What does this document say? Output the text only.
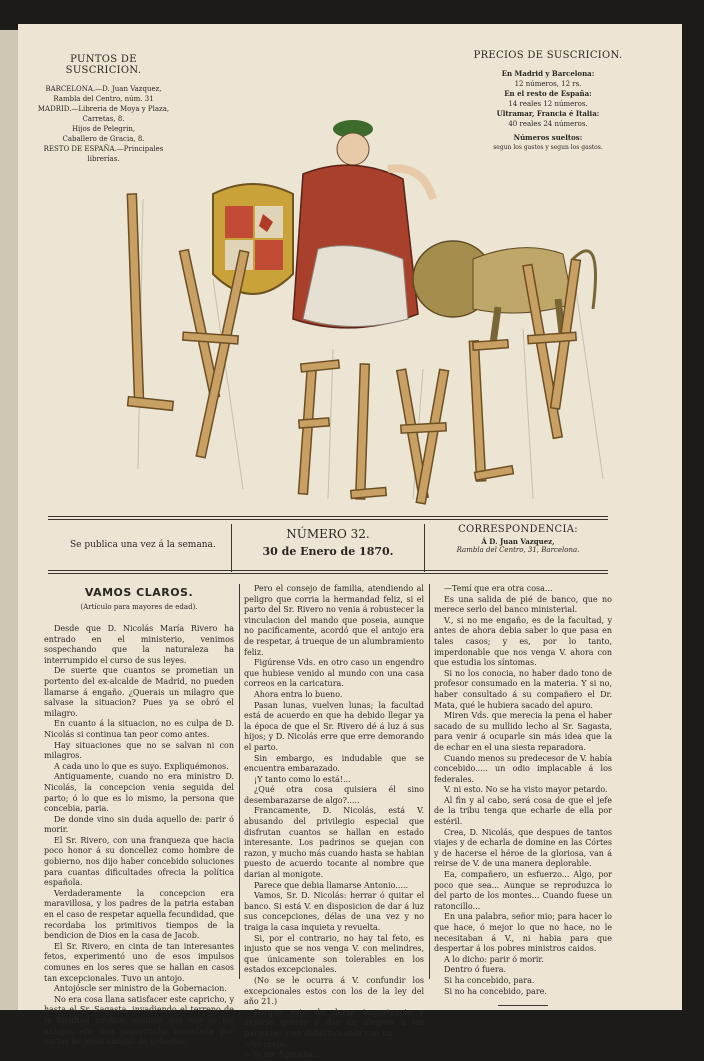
PUNTOS DE SUSCRICION.
BARCELONA.—D. Juan Vazquez,
Rambla del Centro, núm. 31
MADRID.—Libreria de Moya y Plaza,
Carretas, 8.
Hijos de Pelegrin,
Caballero de Gracia, 8.
RESTO DE ESPAÑA.—Principales
librerías.
PRECIOS DE SUSCRICION.
En Madrid y Barcelona:
12 números, 12 rs.
En el resto de España:
14 reales 12 números.
Ultramar, Francia é Italia:
40 reales 24 números.
Números sueltos:
segun los gastos y segun los gastos.
Se publica una vez á la semana.
NÚMERO 32.
30 de Enero de 1870.
CORRESPONDENCIA:
Á D. Juan Vazquez,
Rambla del Centro, 31, Barcelona.
VAMOS CLAROS.
(Artículo para mayores de edad).

Desde que D. Nicolás María Rivero ha entrado en el ministerio, venimos sospechando que la naturaleza ha interrumpido el curso de sus leyes.

De suerte que cuantos se prometian un portento del ex-alcalde de Madrid, no pueden llamarse á engaño. ¿Querais un milagro que salvase la situacion? Pues ya se obró el milagro.

En cuanto á la situacion, no es culpa de D. Nicolás si continua tan peor como antes.

Hay situaciones que no se salvan ni con milagros.

A cada uno lo que es suyo. Expliquémonos.

Antiguamente, cuando no era ministro D. Nicolás, la concepcion venia seguida del parto; ó lo que es lo mismo, la persona que concebia, paria.

De donde vino sin duda aquello de: parir ó morir.

El Sr. Rivero, con una franqueza que hacia poco honor á su doncellez como hombre de gobierno, nos dijo haber concebido soluciones para cuantas dificultades ofrecia la política española.

Verdaderamente la concepcion era maravillosa, y los padres de la patria estaban en el caso de respetar aquella fecundidad, que recordaba los primitivos tiempos de la bendicion de Dios en la casa de Jacob.

El Sr. Rivero, en cinta de tan interesantes fetos, experimentó uno de esos impulsos comunes en los seres que se hallan en casos tan excepcionales. Tuvo un antojo.

Antojóscle ser ministro de la Gobernacion.

No era cosa llana satisfacer este capricho, y hasta el Sr. Sagasta, invadiendo el terreno de la facultad médica, sostuvo que eso de los antojos era una paparrucha inventada por varias mujeres amigas de goberias.

Pero el consejo de familia, atendiendo al peligro que corria la hermandad feliz, si el parto del Sr. Rivero no venia á robustecer la vinculacion del mando que poseia, aunque no pacificamente, acordó que el antojo era de respetar, á trueque de un alumbramiento feliz.

Figúrense Vds. en otro caso un engendro que hubiese venido al mundo con una casa correos en la caricatura.

Ahora entra lo bueno.

Pasan lunas, vuelven lunas; la facultad está de acuerdo en que ha debido llegar ya la época de que el Sr. Rivero dé á luz á sus hijos; y D. Nicolás erre que erre demorando el parto.

Sin embargo, es indudable que se encuentra embarazado.

¡Y tanto como lo está!...

¿Qué otra cosa quisiera él sino desembarazarse de algo?.....

Francamente, D. Nicolás, está V. abusando del privilegio especial que disfrutan cuantos se hallan en estado interesante. Los padrinos se quejan con razon, y mucho más cuando hasta se habian puesto de acuerdo tocante al nombre que darian al monigote.

Parece que debia llamarse Antonio.....

Vamos, Sr. D. Nicolás: herrar ó quitar el banco. Si está V. en disposicion de dar á luz sus concepciones, délas de una vez y no traiga la casa inquieta y revuelta.

Si, por el contrario, no hay tal feto, es injusto que se nos venga V. con melindres, que únicamente son tolerables en los estados excepcionales.

(No se le ocurra á V. confundir los excepcionales estos con los de la ley del año 21.)

Porque esto de darse importancia y dejarse querer y dar un alegron á los parientes y en definitiva salir con un

—Yo creía...

—Yo me figuraba...

—Temí que era otra cosa...

Es una salida de pié de banco, que no merece serlo del banco ministerial.

V., si no me engaño, es de la facultad, y antes de ahora debia saber lo que pasa en tales casos; y es, por lo tanto, imperdonable que nos venga V. ahora con que estudia los síntomas.

Si no los conocia, no haber dado tono de profesor consumado en la materia. Y si no, haber consultado á su compañero el Dr. Mata, qué le hubiera sacado del apuro.

Miren Vds. que merecia la pena el haber sacado de su mullido lecho al Sr. Sagasta, para venir á ocuparle sin más idea que la de echar en el una siesta reparadora.

Cuando menos su predecesor de V. había concebido..... un odio implacable á los federales.

V. ni esto. No se ha visto mayor petardo.

Al fin y al cabo, será cosa de que el jefe de la tribu tenga que echarle de ella por estéril.

Crea, D. Nicolás, que despues de tantos viajes y de echarla de domine en las Córtes y de hacerse el héroe de la gloriosa, van á reirse de V. de una manera deplorable.

Ea, compañero, un esfuerzo... Algo, por poco que sea... Aunque se reproduzca lo del parto de los montes... Cuando fuese un ratoncillo...

En una palabra, señor mio; para hacer lo que hace, ó mejor lo que no hace, no le necesitaban á V., ni habia para que despertar á los pobres ministros caidos.

A lo dicho: parir ó morir.

Dentro ó fuera.

Si ha concebido, para.

Si no ha concebido, pare.
